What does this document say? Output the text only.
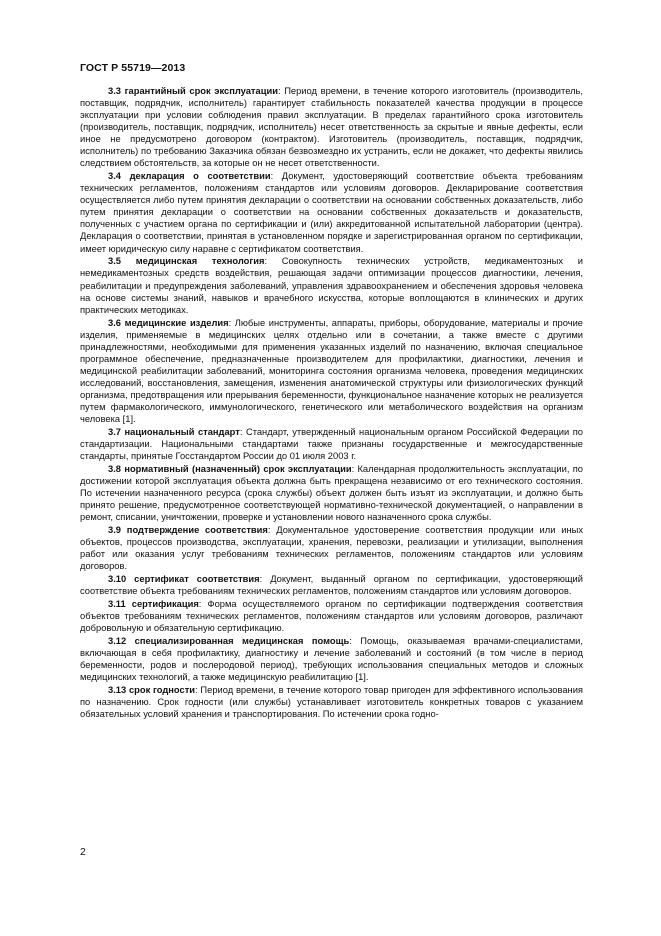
ГОСТ Р 55719—2013

3.3 гарантийный срок эксплуатации: Период времени, в течение которого изготовитель (производитель, поставщик, подрядчик, исполнитель) гарантирует стабильность показателей качества продукции в процессе эксплуатации при условии соблюдения правил эксплуатации. В пределах гарантийного срока изготовитель (производитель, поставщик, подрядчик, исполнитель) несет ответственность за скрытые и явные дефекты, если иное не предусмотрено договором (контрактом). Изготовитель (производитель, поставщик, подрядчик, исполнитель) по требованию Заказчика обязан безвозмездно их устранить, если не докажет, что дефекты явились следствием обстоятельств, за которые он не несет ответственности.

3.4 декларация о соответствии: Документ, удостоверяющий соответствие объекта требованиям технических регламентов, положениям стандартов или условиям договоров. Декларирование соответствия осуществляется либо путем принятия декларации о соответствии на основании собственных доказательств, либо путем принятия декларации о соответствии на основании собственных доказательств и доказательств, полученных с участием органа по сертификации и (или) аккредитованной испытательной лаборатории (центра). Декларация о соответствии, принятая в установленном порядке и зарегистрированная органом по сертификации, имеет юридическую силу наравне с сертификатом соответствия.

3.5 медицинская технология: Совокупность технических устройств, медикаментозных и немедикаментозных средств воздействия, решающая задачи оптимизации процессов диагностики, лечения, реабилитации и предупреждения заболеваний, управления здравоохранением и обеспечения здоровья человека на основе системы знаний, навыков и врачебного искусства, которые воплощаются в клинических и других практических методиках.

3.6 медицинские изделия: Любые инструменты, аппараты, приборы, оборудование, материалы и прочие изделия, применяемые в медицинских целях отдельно или в сочетании, а также вместе с другими принадлежностями, необходимыми для применения указанных изделий по назначению, включая специальное программное обеспечение, предназначенные производителем для профилактики, диагностики, лечения и медицинской реабилитации заболеваний, мониторинга состояния организма человека, проведения медицинских исследований, восстановления, замещения, изменения анатомической структуры или физиологических функций организма, предотвращения или прерывания беременности, функциональное назначение которых не реализуется путем фармакологического, иммунологического, генетического или метаболического воздействия на организм человека [1].

3.7 национальный стандарт: Стандарт, утвержденный национальным органом Российской Федерации по стандартизации. Национальными стандартами также признаны государственные и межгосударственные стандарты, принятые Госстандартом России до 01 июля 2003 г.

3.8 нормативный (назначенный) срок эксплуатации: Календарная продолжительность эксплуатации, по достижении которой эксплуатация объекта должна быть прекращена независимо от его технического состояния. По истечении назначенного ресурса (срока службы) объект должен быть изъят из эксплуатации, и должно быть принято решение, предусмотренное соответствующей нормативно-технической документацией, о направлении в ремонт, списании, уничтожении, проверке и установлении нового назначенного срока службы.

3.9 подтверждение соответствия: Документальное удостоверение соответствия продукции или иных объектов, процессов производства, эксплуатации, хранения, перевозки, реализации и утилизации, выполнения работ или оказания услуг требованиям технических регламентов, положениям стандартов или условиям договоров.

3.10 сертификат соответствия: Документ, выданный органом по сертификации, удостоверяющий соответствие объекта требованиям технических регламентов, положениям стандартов или условиям договоров.

3.11 сертификация: Форма осуществляемого органом по сертификации подтверждения соответствия объектов требованиям технических регламентов, положениям стандартов или условиям договоров, различают добровольную и обязательную сертификацию.

3.12 специализированная медицинская помощь: Помощь, оказываемая врачами-специалистами, включающая в себя профилактику, диагностику и лечение заболеваний и состояний (в том числе в период беременности, родов и послеродовой период), требующих использования специальных методов и сложных медицинских технологий, а также медицинскую реабилитацию [1].

3.13 срок годности: Период времени, в течение которого товар пригоден для эффективного использования по назначению. Срок годности (или службы) устанавливает изготовитель конкретных товаров с указанием обязательных условий хранения и транспортирования. По истечении срока годно-

2
